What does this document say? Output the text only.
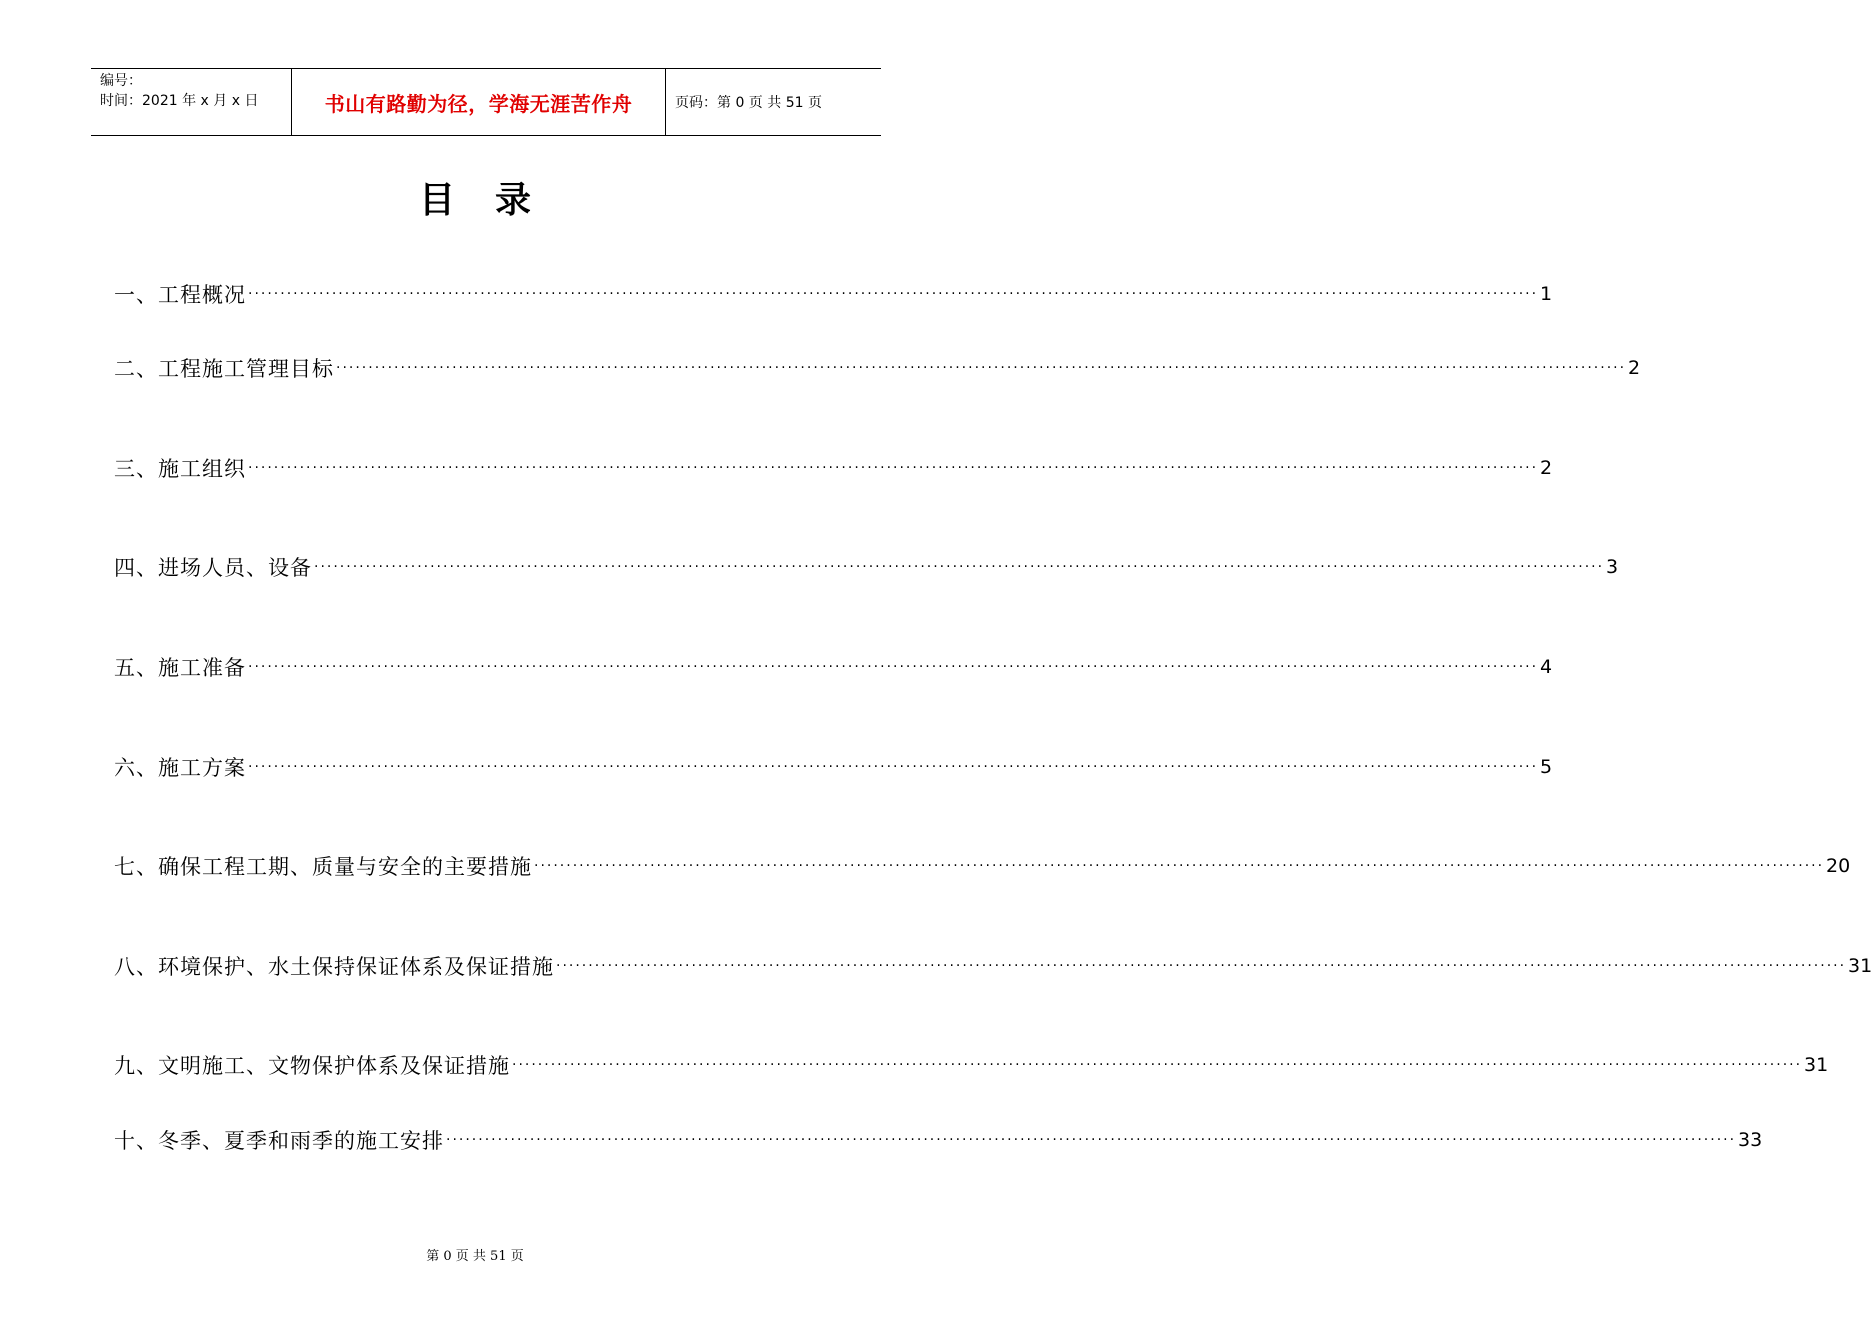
编号：
时间：2021 年 x 月 x 日	书山有路勤为径，学海无涯苦作舟	页码：第 0 页 共 51 页
目录
一、工程概况 ········································································································································································································ 1
二、工程施工管理目标 ········································································································································································································ 2
三、施工组织 ········································································································································································································ 2
四、进场人员、设备 ········································································································································································································ 3
五、施工准备 ········································································································································································································ 4
六、施工方案 ········································································································································································································ 5
七、确保工程工期、质量与安全的主要措施 ········································································································································································································ 20
八、环境保护、水土保持保证体系及保证措施 ········································································································································································································ 31
九、文明施工、文物保护体系及保证措施 ········································································································································································································ 31
十、冬季、夏季和雨季的施工安排 ········································································································································································································ 33
第 0 页 共 51 页
